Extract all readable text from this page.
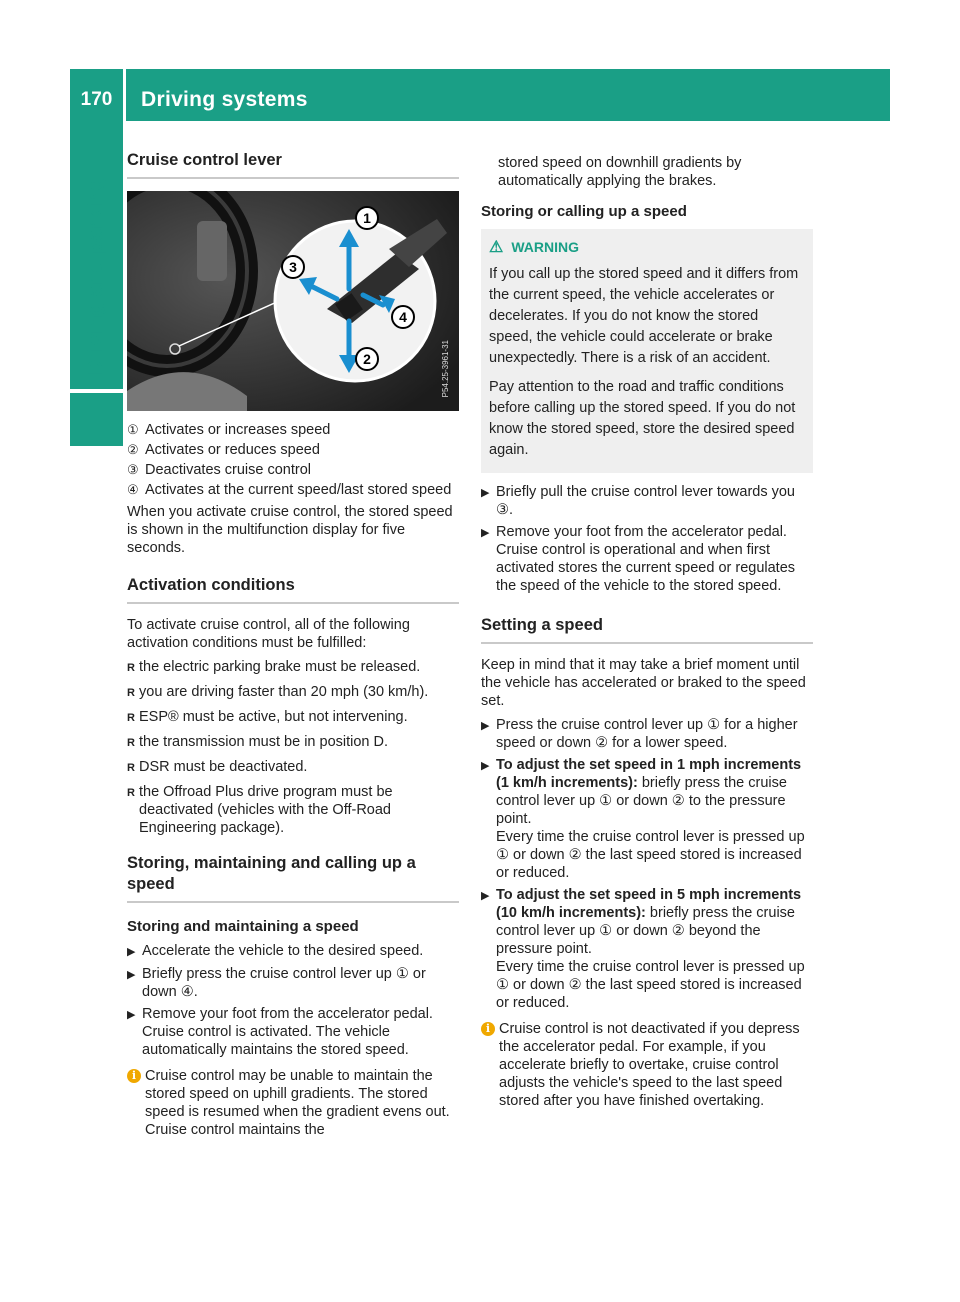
170	Driving systems
Driving and parking
Cruise control lever
1
2
3
4
P54.25-3961-31
① Activates or increases speed
② Activates or reduces speed
③ Deactivates cruise control
④ Activates at the current speed/last stored speed

When you activate cruise control, the stored speed is shown in the multifunction display for five seconds.

Activation conditions

To activate cruise control, all of the following activation conditions must be fulfilled:

R the electric parking brake must be released.
R you are driving faster than 20 mph (30 km/h).
R ESP® must be active, but not intervening.
R the transmission must be in position D.
R DSR must be deactivated.
R the Offroad Plus drive program must be deactivated (vehicles with the Off-Road Engineering package).
Storing, maintaining and calling up a speed
Storing and maintaining a speed
▶ Accelerate the vehicle to the desired speed.
▶ Briefly press the cruise control lever up ① or down ④.
▶ Remove your foot from the accelerator pedal. Cruise control is activated. The vehicle automatically maintains the stored speed.
i Cruise control may be unable to maintain the stored speed on uphill gradients. The stored speed is resumed when the gradient evens out. Cruise control maintains the

stored speed on downhill gradients by automatically applying the brakes.

Storing or calling up a speed
⚠ WARNING

If you call up the stored speed and it differs from the current speed, the vehicle accelerates or decelerates. If you do not know the stored speed, the vehicle could accelerate or brake unexpectedly. There is a risk of an accident.

Pay attention to the road and traffic conditions before calling up the stored speed. If you do not know the stored speed, store the desired speed again.

▶ Briefly pull the cruise control lever towards you ③.
▶ Remove your foot from the accelerator pedal. Cruise control is operational and when first activated stores the current speed or regulates the speed of the vehicle to the stored speed.
Setting a speed

Keep in mind that it may take a brief moment until the vehicle has accelerated or braked to the speed set.

▶ Press the cruise control lever up ① for a higher speed or down ② for a lower speed.
▶ To adjust the set speed in 1 mph increments (1 km/h increments): briefly press the cruise control lever up ① or down ② to the pressure point.
Every time the cruise control lever is pressed up ① or down ② the last speed stored is increased or reduced.
▶ To adjust the set speed in 5 mph increments (10 km/h increments): briefly press the cruise control lever up ① or down ② beyond the pressure point.
Every time the cruise control lever is pressed up ① or down ② the last speed stored is increased or reduced.
i Cruise control is not deactivated if you depress the accelerator pedal. For example, if you accelerate briefly to overtake, cruise control adjusts the vehicle's speed to the last speed stored after you have finished overtaking.
